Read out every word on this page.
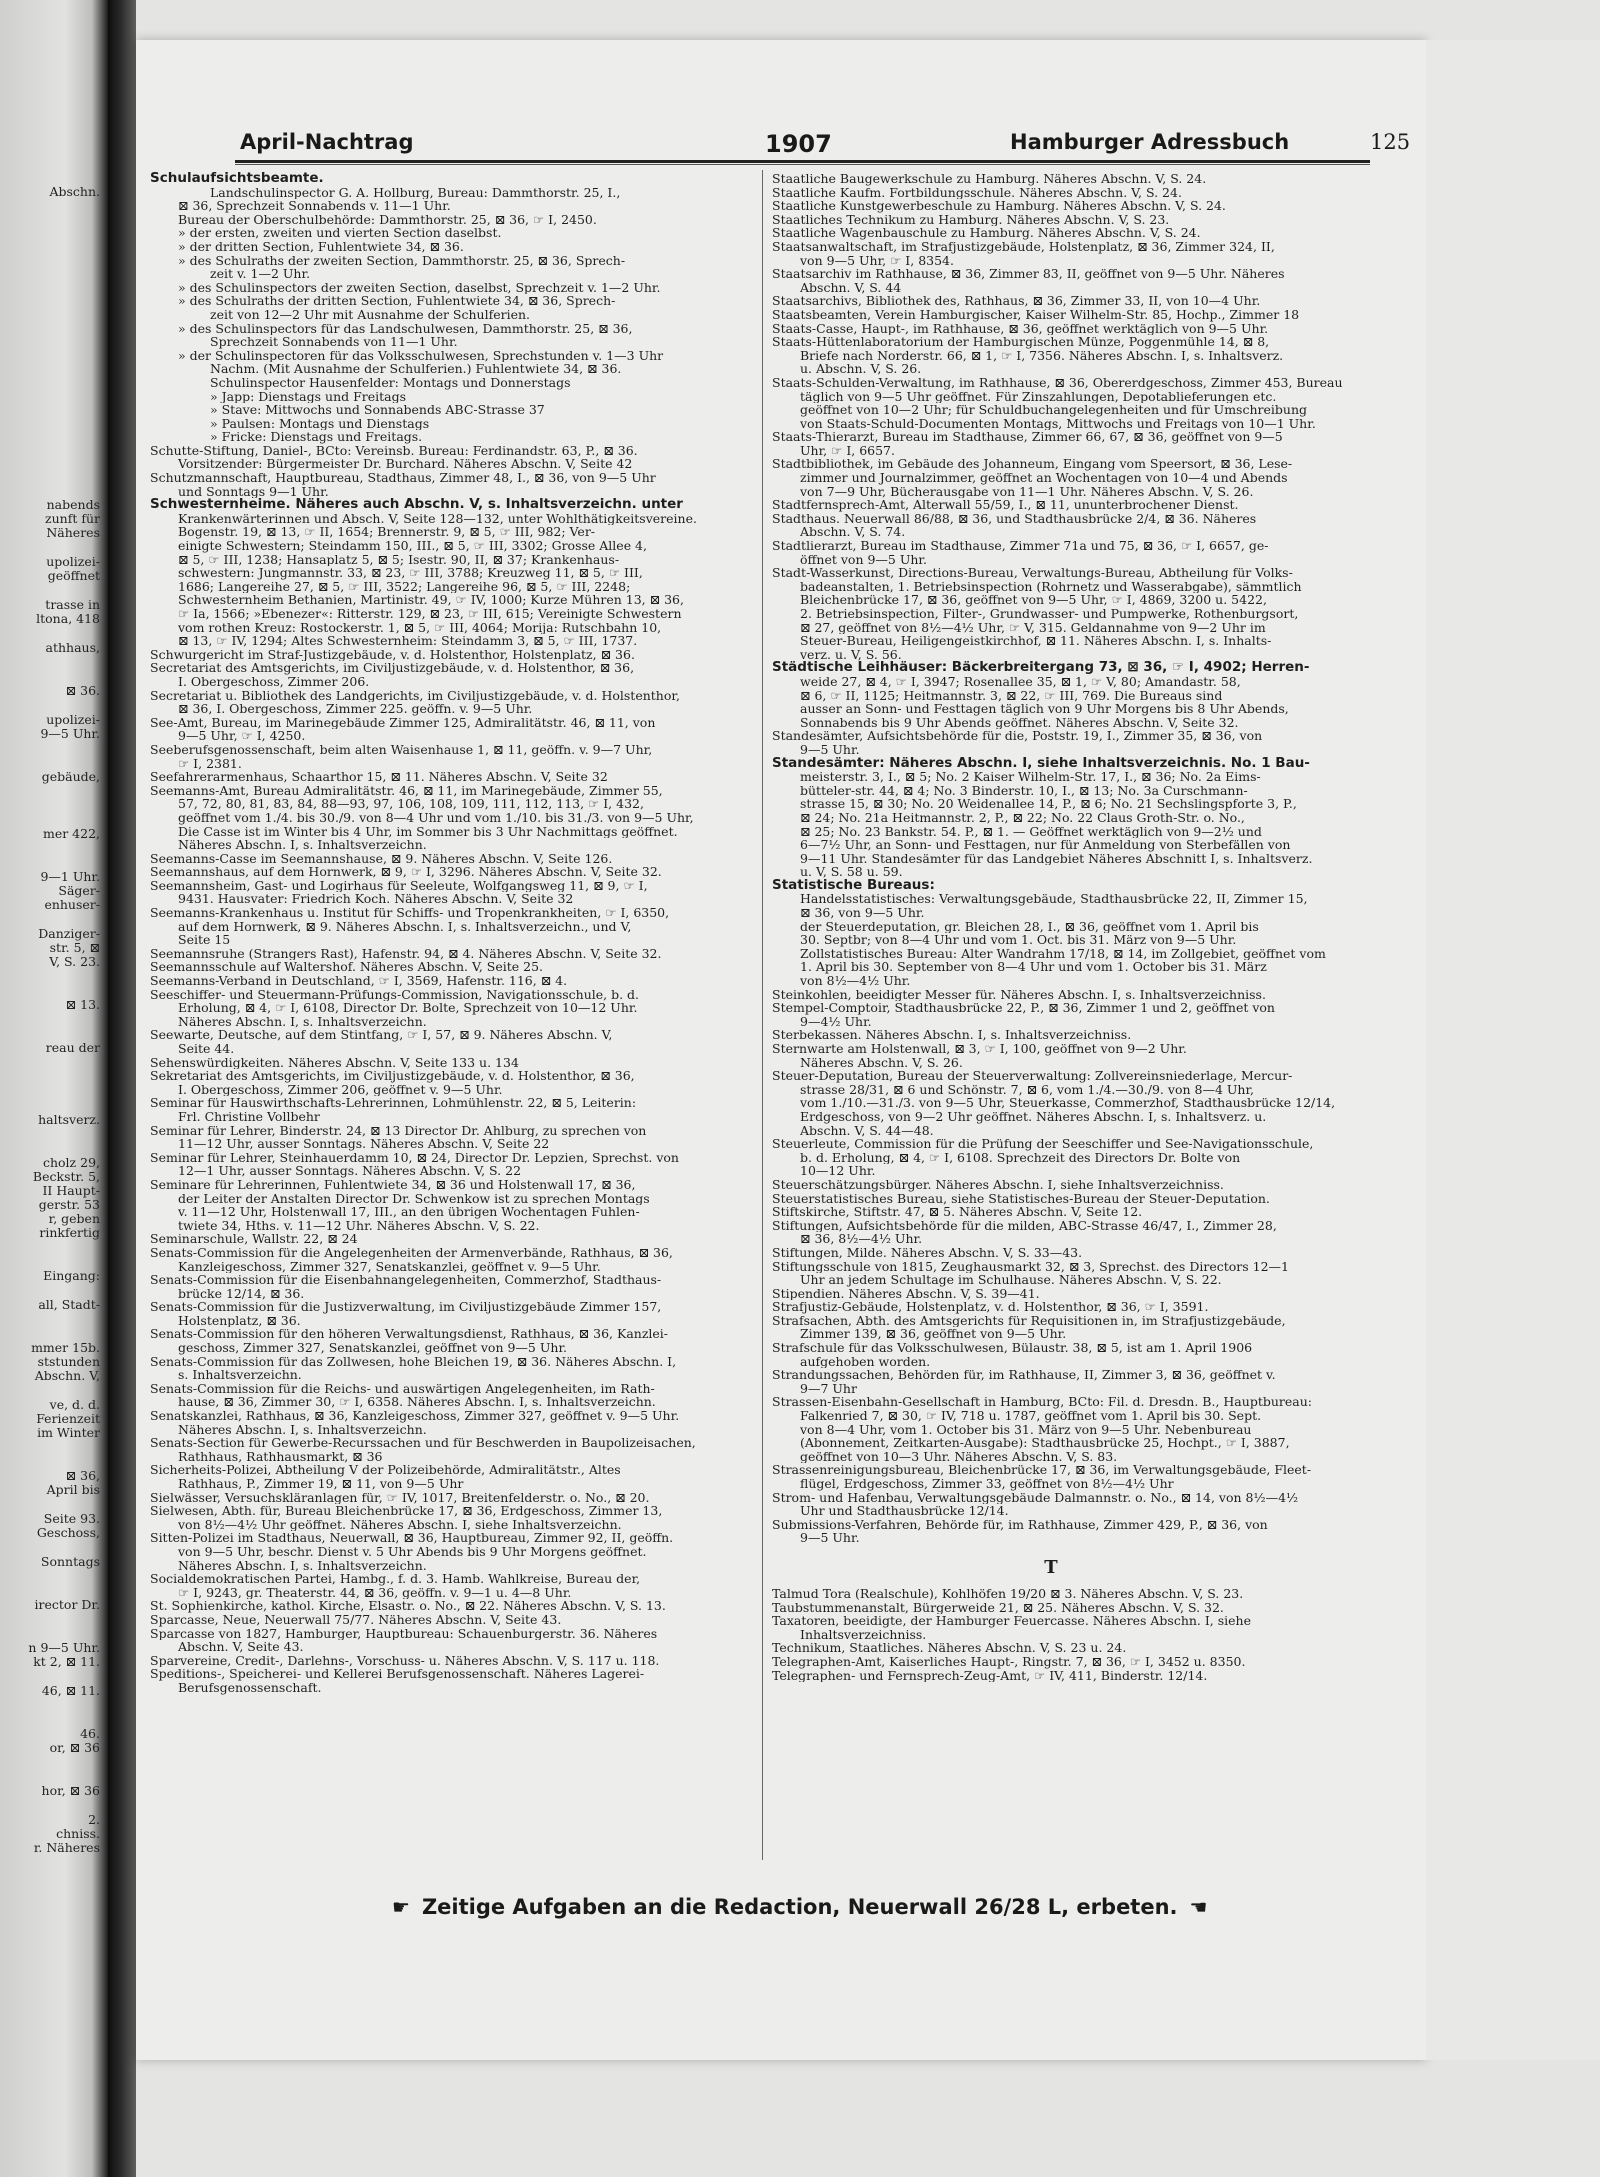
Abschn.
nabends
zunft für
Näheres
upolizei-
geöffnet
trasse in
ltona, 418
athhaus,
⊠ 36.
upolizei-
9—5 Uhr.
gebäude,
mer 422,
9—1 Uhr.
Säger-
enhuser-
Danziger-
str. 5, ⊠
V, S. 23.
⊠ 13.
reau der
haltsverz.
cholz 29,
Beckstr. 5,
II Haupt-
gerstr. 53
r, geben
rinkfertig
Eingang:
all, Stadt-
mmer 15b.
ststunden
Abschn. V,
ve, d. d.
Ferienzeit
im Winter
⊠ 36,
April bis
Seite 93.
Geschoss,
Sonntags
irector Dr.
n 9—5 Uhr.
kt 2, ⊠ 11.
46, ⊠ 11.
46.
or, ⊠ 36
hor, ⊠ 36
2.
chniss.
r. Näheres
April-Nachtrag	1907	Hamburger Adressbuch	125
Schulaufsichtsbeamte.
Landschulinspector G. A. Hollburg, Bureau: Dammthorstr. 25, I.,
⊠ 36, Sprechzeit Sonnabends v. 11—1 Uhr.
Bureau der Oberschulbehörde: Dammthorstr. 25, ⊠ 36, ☞ I, 2450.
» der ersten, zweiten und vierten Section daselbst.
» der dritten Section, Fuhlentwiete 34, ⊠ 36.
» des Schulraths der zweiten Section, Dammthorstr. 25, ⊠ 36, Sprech-
zeit v. 1—2 Uhr.
» des Schulinspectors der zweiten Section, daselbst, Sprechzeit v. 1—2 Uhr.
» des Schulraths der dritten Section, Fuhlentwiete 34, ⊠ 36, Sprech-
zeit von 12—2 Uhr mit Ausnahme der Schulferien.
» des Schulinspectors für das Landschulwesen, Dammthorstr. 25, ⊠ 36,
Sprechzeit Sonnabends von 11—1 Uhr.
» der Schulinspectoren für das Volksschulwesen, Sprechstunden v. 1—3 Uhr
Nachm. (Mit Ausnahme der Schulferien.) Fuhlentwiete 34, ⊠ 36.
Schulinspector Hausenfelder: Montags und Donnerstags
» Japp: Dienstags und Freitags
» Stave: Mittwochs und Sonnabends ABC-Strasse 37
» Paulsen: Montags und Dienstags
» Fricke: Dienstags und Freitags.
Schutte-Stiftung, Daniel-, BCto: Vereinsb. Bureau: Ferdinandstr. 63, P., ⊠ 36.
Vorsitzender: Bürgermeister Dr. Burchard. Näheres Abschn. V, Seite 42
Schutzmannschaft, Hauptbureau, Stadthaus, Zimmer 48, I., ⊠ 36, von 9—5 Uhr
und Sonntags 9—1 Uhr.
Schwesternheime. Näheres auch Abschn. V, s. Inhaltsverzeichn. unter
Krankenwärterinnen und Absch. V, Seite 128—132, unter Wohlthätigkeitsvereine.
Bogenstr. 19, ⊠ 13, ☞ II, 1654; Brennerstr. 9, ⊠ 5, ☞ III, 982; Ver-
einigte Schwestern; Steindamm 150, III., ⊠ 5, ☞ III, 3302; Grosse Allee 4,
⊠ 5, ☞ III, 1238; Hansaplatz 5, ⊠ 5; Isestr. 90, II, ⊠ 37; Krankenhaus-
schwestern: Jungmannstr. 33, ⊠ 23, ☞ III, 3788; Kreuzweg 11, ⊠ 5, ☞ III,
1686; Langereihe 27, ⊠ 5, ☞ III, 3522; Langereihe 96, ⊠ 5, ☞ III, 2248;
Schwesternheim Bethanien, Martinistr. 49, ☞ IV, 1000; Kurze Mühren 13, ⊠ 36,
☞ Ia, 1566; »Ebenezer«: Ritterstr. 129, ⊠ 23, ☞ III, 615; Vereinigte Schwestern
vom rothen Kreuz: Rostockerstr. 1, ⊠ 5, ☞ III, 4064; Morija: Rutschbahn 10,
⊠ 13, ☞ IV, 1294; Altes Schwesternheim: Steindamm 3, ⊠ 5, ☞ III, 1737.
Schwurgericht im Straf-Justizgebäude, v. d. Holstenthor, Holstenplatz, ⊠ 36.
Secretariat des Amtsgerichts, im Civiljustizgebäude, v. d. Holstenthor, ⊠ 36,
I. Obergeschoss, Zimmer 206.
Secretariat u. Bibliothek des Landgerichts, im Civiljustizgebäude, v. d. Holstenthor,
⊠ 36, I. Obergeschoss, Zimmer 225. geöffn. v. 9—5 Uhr.
See-Amt, Bureau, im Marinegebäude Zimmer 125, Admiralitätstr. 46, ⊠ 11, von
9—5 Uhr, ☞ I, 4250.
Seeberufsgenossenschaft, beim alten Waisenhause 1, ⊠ 11, geöffn. v. 9—7 Uhr,
☞ I, 2381.
Seefahrerarmenhaus, Schaarthor 15, ⊠ 11. Näheres Abschn. V, Seite 32
Seemanns-Amt, Bureau Admiralitätstr. 46, ⊠ 11, im Marinegebäude, Zimmer 55,
57, 72, 80, 81, 83, 84, 88—93, 97, 106, 108, 109, 111, 112, 113, ☞ I, 432,
geöffnet vom 1./4. bis 30./9. von 8—4 Uhr und vom 1./10. bis 31./3. von 9—5 Uhr,
Die Casse ist im Winter bis 4 Uhr, im Sommer bis 3 Uhr Nachmittags geöffnet.
Näheres Abschn. I, s. Inhaltsverzeichn.
Seemanns-Casse im Seemannshause, ⊠ 9. Näheres Abschn. V, Seite 126.
Seemannshaus, auf dem Hornwerk, ⊠ 9, ☞ I, 3296. Näheres Abschn. V, Seite 32.
Seemannsheim, Gast- und Logirhaus für Seeleute, Wolfgangsweg 11, ⊠ 9, ☞ I,
9431. Hausvater: Friedrich Koch. Näheres Abschn. V, Seite 32
Seemanns-Krankenhaus u. Institut für Schiffs- und Tropenkrankheiten, ☞ I, 6350,
auf dem Hornwerk, ⊠ 9. Näheres Abschn. I, s. Inhaltsverzeichn., und V,
Seite 15
Seemannsruhe (Strangers Rast), Hafenstr. 94, ⊠ 4. Näheres Abschn. V, Seite 32.
Seemannsschule auf Waltershof. Näheres Abschn. V, Seite 25.
Seemanns-Verband in Deutschland, ☞ I, 3569, Hafenstr. 116, ⊠ 4.
Seeschiffer- und Steuermann-Prüfungs-Commission, Navigationsschule, b. d.
Erholung, ⊠ 4, ☞ I, 6108, Director Dr. Bolte, Sprechzeit von 10—12 Uhr.
Näheres Abschn. I, s. Inhaltsverzeichn.
Seewarte, Deutsche, auf dem Stintfang, ☞ I, 57, ⊠ 9. Näheres Abschn. V,
Seite 44.
Sehenswürdigkeiten. Näheres Abschn. V, Seite 133 u. 134
Sekretariat des Amtsgerichts, im Civiljustizgebäude, v. d. Holstenthor, ⊠ 36,
I. Obergeschoss, Zimmer 206, geöffnet v. 9—5 Uhr.
Seminar für Hauswirthschafts-Lehrerinnen, Lohmühlenstr. 22, ⊠ 5, Leiterin:
Frl. Christine Vollbehr
Seminar für Lehrer, Binderstr. 24, ⊠ 13 Director Dr. Ahlburg, zu sprechen von
11—12 Uhr, ausser Sonntags. Näheres Abschn. V, Seite 22
Seminar für Lehrer, Steinhauerdamm 10, ⊠ 24, Director Dr. Lepzien, Sprechst. von
12—1 Uhr, ausser Sonntags. Näheres Abschn. V, S. 22
Seminare für Lehrerinnen, Fuhlentwiete 34, ⊠ 36 und Holstenwall 17, ⊠ 36,
der Leiter der Anstalten Director Dr. Schwenkow ist zu sprechen Montags
v. 11—12 Uhr, Holstenwall 17, III., an den übrigen Wochentagen Fuhlen-
twiete 34, Hths. v. 11—12 Uhr. Näheres Abschn. V, S. 22.
Seminarschule, Wallstr. 22, ⊠ 24
Senats-Commission für die Angelegenheiten der Armenverbände, Rathhaus, ⊠ 36,
Kanzleigeschoss, Zimmer 327, Senatskanzlei, geöffnet v. 9—5 Uhr.
Senats-Commission für die Eisenbahnangelegenheiten, Commerzhof, Stadthaus-
brücke 12/14, ⊠ 36.
Senats-Commission für die Justizverwaltung, im Civiljustizgebäude Zimmer 157,
Holstenplatz, ⊠ 36.
Senats-Commission für den höheren Verwaltungsdienst, Rathhaus, ⊠ 36, Kanzlei-
geschoss, Zimmer 327, Senatskanzlei, geöffnet von 9—5 Uhr.
Senats-Commission für das Zollwesen, hohe Bleichen 19, ⊠ 36. Näheres Abschn. I,
s. Inhaltsverzeichn.
Senats-Commission für die Reichs- und auswärtigen Angelegenheiten, im Rath-
hause, ⊠ 36, Zimmer 30, ☞ I, 6358. Näheres Abschn. I, s. Inhaltsverzeichn.
Senatskanzlei, Rathhaus, ⊠ 36, Kanzleigeschoss, Zimmer 327, geöffnet v. 9—5 Uhr.
Näheres Abschn. I, s. Inhaltsverzeichn.
Senats-Section für Gewerbe-Recurssachen und für Beschwerden in Baupolizeisachen,
Rathhaus, Rathhausmarkt, ⊠ 36
Sicherheits-Polizei, Abtheilung V der Polizeibehörde, Admiralitätstr., Altes
Rathhaus, P., Zimmer 19, ⊠ 11, von 9—5 Uhr
Sielwässer, Versuchskläranlagen für, ☞ IV, 1017, Breitenfelderstr. o. No., ⊠ 20.
Sielwesen, Abth. für, Bureau Bleichenbrücke 17, ⊠ 36, Erdgeschoss, Zimmer 13,
von 8½—4½ Uhr geöffnet. Näheres Abschn. I, siehe Inhaltsverzeichn.
Sitten-Polizei im Stadthaus, Neuerwall, ⊠ 36, Hauptbureau, Zimmer 92, II, geöffn.
von 9—5 Uhr, beschr. Dienst v. 5 Uhr Abends bis 9 Uhr Morgens geöffnet.
Näheres Abschn. I, s. Inhaltsverzeichn.
Socialdemokratischen Partei, Hambg., f. d. 3. Hamb. Wahlkreise, Bureau der,
☞ I, 9243, gr. Theaterstr. 44, ⊠ 36, geöffn. v. 9—1 u. 4—8 Uhr.
St. Sophienkirche, kathol. Kirche, Elsastr. o. No., ⊠ 22. Näheres Abschn. V, S. 13.
Sparcasse, Neue, Neuerwall 75/77. Näheres Abschn. V, Seite 43.
Sparcasse von 1827, Hamburger, Hauptbureau: Schauenburgerstr. 36. Näheres
Abschn. V, Seite 43.
Sparvereine, Credit-, Darlehns-, Vorschuss- u. Näheres Abschn. V, S. 117 u. 118.
Speditions-, Speicherei- und Kellerei Berufsgenossenschaft. Näheres Lagerei-
Berufsgenossenschaft.
Staatliche Baugewerkschule zu Hamburg. Näheres Abschn. V, S. 24.
Staatliche Kaufm. Fortbildungsschule. Näheres Abschn. V, S. 24.
Staatliche Kunstgewerbeschule zu Hamburg. Näheres Abschn. V, S. 24.
Staatliches Technikum zu Hamburg. Näheres Abschn. V, S. 23.
Staatliche Wagenbauschule zu Hamburg. Näheres Abschn. V, S. 24.
Staatsanwaltschaft, im Strafjustizgebäude, Holstenplatz, ⊠ 36, Zimmer 324, II,
von 9—5 Uhr, ☞ I, 8354.
Staatsarchiv im Rathhause, ⊠ 36, Zimmer 83, II, geöffnet von 9—5 Uhr. Näheres
Abschn. V, S. 44
Staatsarchivs, Bibliothek des, Rathhaus, ⊠ 36, Zimmer 33, II, von 10—4 Uhr.
Staatsbeamten, Verein Hamburgischer, Kaiser Wilhelm-Str. 85, Hochp., Zimmer 18
Staats-Casse, Haupt-, im Rathhause, ⊠ 36, geöffnet werktäglich von 9—5 Uhr.
Staats-Hüttenlaboratorium der Hamburgischen Münze, Poggenmühle 14, ⊠ 8,
Briefe nach Norderstr. 66, ⊠ 1, ☞ I, 7356. Näheres Abschn. I, s. Inhaltsverz.
u. Abschn. V, S. 26.
Staats-Schulden-Verwaltung, im Rathhause, ⊠ 36, Obererdgeschoss, Zimmer 453, Bureau
täglich von 9—5 Uhr geöffnet. Für Zinszahlungen, Depotablieferungen etc.
geöffnet von 10—2 Uhr; für Schuldbuchangelegenheiten und für Umschreibung
von Staats-Schuld-Documenten Montags, Mittwochs und Freitags von 10—1 Uhr.
Staats-Thierarzt, Bureau im Stadthause, Zimmer 66, 67, ⊠ 36, geöffnet von 9—5
Uhr, ☞ I, 6657.
Stadtbibliothek, im Gebäude des Johanneum, Eingang vom Speersort, ⊠ 36, Lese-
zimmer und Journalzimmer, geöffnet an Wochentagen von 10—4 und Abends
von 7—9 Uhr, Bücherausgabe von 11—1 Uhr. Näheres Abschn. V, S. 26.
Stadtfernsprech-Amt, Alterwall 55/59, I., ⊠ 11, ununterbrochener Dienst.
Stadthaus. Neuerwall 86/88, ⊠ 36, und Stadthausbrücke 2/4, ⊠ 36. Näheres
Abschn. V, S. 74.
Stadtlierarzt, Bureau im Stadthause, Zimmer 71a und 75, ⊠ 36, ☞ I, 6657, ge-
öffnet von 9—5 Uhr.
Stadt-Wasserkunst, Directions-Bureau, Verwaltungs-Bureau, Abtheilung für Volks-
badeanstalten, 1. Betriebsinspection (Rohrnetz und Wasserabgabe), sämmtlich
Bleichenbrücke 17, ⊠ 36, geöffnet von 9—5 Uhr, ☞ I, 4869, 3200 u. 5422,
2. Betriebsinspection, Filter-, Grundwasser- und Pumpwerke, Rothenburgsort,
⊠ 27, geöffnet von 8½—4½ Uhr, ☞ V, 315. Geldannahme von 9—2 Uhr im
Steuer-Bureau, Heiligengeistkirchhof, ⊠ 11. Näheres Abschn. I, s. Inhalts-
verz. u. V, S. 56.
Städtische Leihhäuser: Bäckerbreitergang 73, ⊠ 36, ☞ I, 4902; Herren-
weide 27, ⊠ 4, ☞ I, 3947; Rosenallee 35, ⊠ 1, ☞ V, 80; Amandastr. 58,
⊠ 6, ☞ II, 1125; Heitmannstr. 3, ⊠ 22, ☞ III, 769. Die Bureaus sind
ausser an Sonn- und Festtagen täglich von 9 Uhr Morgens bis 8 Uhr Abends,
Sonnabends bis 9 Uhr Abends geöffnet. Näheres Abschn. V, Seite 32.
Standesämter, Aufsichtsbehörde für die, Poststr. 19, I., Zimmer 35, ⊠ 36, von
9—5 Uhr.
Standesämter: Näheres Abschn. I, siehe Inhaltsverzeichnis. No. 1 Bau-
meisterstr. 3, I., ⊠ 5; No. 2 Kaiser Wilhelm-Str. 17, I., ⊠ 36; No. 2a Eims-
bütteler-str. 44, ⊠ 4; No. 3 Binderstr. 10, I., ⊠ 13; No. 3a Curschmann-
strasse 15, ⊠ 30; No. 20 Weidenallee 14, P., ⊠ 6; No. 21 Sechslingspforte 3, P.,
⊠ 24; No. 21a Heitmannstr. 2, P., ⊠ 22; No. 22 Claus Groth-Str. o. No.,
⊠ 25; No. 23 Bankstr. 54. P., ⊠ 1. — Geöffnet werktäglich von 9—2½ und
6—7½ Uhr, an Sonn- und Festtagen, nur für Anmeldung von Sterbefällen von
9—11 Uhr. Standesämter für das Landgebiet Näheres Abschnitt I, s. Inhaltsverz.
u. V, S. 58 u. 59.
Statistische Bureaus:
Handelsstatistisches: Verwaltungsgebäude, Stadthausbrücke 22, II, Zimmer 15,
⊠ 36, von 9—5 Uhr.
der Steuerdeputation, gr. Bleichen 28, I., ⊠ 36, geöffnet vom 1. April bis
30. Septbr; von 8—4 Uhr und vom 1. Oct. bis 31. März von 9—5 Uhr.
Zollstatistisches Bureau: Alter Wandrahm 17/18, ⊠ 14, im Zollgebiet, geöffnet vom
1. April bis 30. September von 8—4 Uhr und vom 1. October bis 31. März
von 8½—4½ Uhr.
Steinkohlen, beeidigter Messer für. Näheres Abschn. I, s. Inhaltsverzeichniss.
Stempel-Comptoir, Stadthausbrücke 22, P., ⊠ 36, Zimmer 1 und 2, geöffnet von
9—4½ Uhr.
Sterbekassen. Näheres Abschn. I, s. Inhaltsverzeichniss.
Sternwarte am Holstenwall, ⊠ 3, ☞ I, 100, geöffnet von 9—2 Uhr.
Näheres Abschn. V, S. 26.
Steuer-Deputation, Bureau der Steuerverwaltung: Zollvereinsniederlage, Mercur-
strasse 28/31, ⊠ 6 und Schönstr. 7, ⊠ 6, vom 1./4.—30./9. von 8—4 Uhr,
vom 1./10.—31./3. von 9—5 Uhr, Steuerkasse, Commerzhof, Stadthausbrücke 12/14,
Erdgeschoss, von 9—2 Uhr geöffnet. Näheres Abschn. I, s. Inhaltsverz. u.
Abschn. V, S. 44—48.
Steuerleute, Commission für die Prüfung der Seeschiffer und See-Navigationsschule,
b. d. Erholung, ⊠ 4, ☞ I, 6108. Sprechzeit des Directors Dr. Bolte von
10—12 Uhr.
Steuerschätzungsbürger. Näheres Abschn. I, siehe Inhaltsverzeichniss.
Steuerstatistisches Bureau, siehe Statistisches-Bureau der Steuer-Deputation.
Stiftskirche, Stiftstr. 47, ⊠ 5. Näheres Abschn. V, Seite 12.
Stiftungen, Aufsichtsbehörde für die milden, ABC-Strasse 46/47, I., Zimmer 28,
⊠ 36, 8½—4½ Uhr.
Stiftungen, Milde. Näheres Abschn. V, S. 33—43.
Stiftungsschule von 1815, Zeughausmarkt 32, ⊠ 3, Sprechst. des Directors 12—1
Uhr an jedem Schultage im Schulhause. Näheres Abschn. V, S. 22.
Stipendien. Näheres Abschn. V, S. 39—41.
Strafjustiz-Gebäude, Holstenplatz, v. d. Holstenthor, ⊠ 36, ☞ I, 3591.
Strafsachen, Abth. des Amtsgerichts für Requisitionen in, im Strafjustizgebäude,
Zimmer 139, ⊠ 36, geöffnet von 9—5 Uhr.
Strafschule für das Volksschulwesen, Bülaustr. 38, ⊠ 5, ist am 1. April 1906
aufgehoben worden.
Strandungssachen, Behörden für, im Rathhause, II, Zimmer 3, ⊠ 36, geöffnet v.
9—7 Uhr
Strassen-Eisenbahn-Gesellschaft in Hamburg, BCto: Fil. d. Dresdn. B., Hauptbureau:
Falkenried 7, ⊠ 30, ☞ IV, 718 u. 1787, geöffnet vom 1. April bis 30. Sept.
von 8—4 Uhr, vom 1. October bis 31. März von 9—5 Uhr. Nebenbureau
(Abonnement, Zeitkarten-Ausgabe): Stadthausbrücke 25, Hochpt., ☞ I, 3887,
geöffnet von 10—3 Uhr. Näheres Abschn. V, S. 83.
Strassenreinigungsbureau, Bleichenbrücke 17, ⊠ 36, im Verwaltungsgebäude, Fleet-
flügel, Erdgeschoss, Zimmer 33, geöffnet von 8½—4½ Uhr
Strom- und Hafenbau, Verwaltungsgebäude Dalmannstr. o. No., ⊠ 14, von 8½—4½
Uhr und Stadthausbrücke 12/14.
Submissions-Verfahren, Behörde für, im Rathhause, Zimmer 429, P., ⊠ 36, von
9—5 Uhr.
T
Talmud Tora (Realschule), Kohlhöfen 19/20 ⊠ 3. Näheres Abschn. V, S. 23.
Taubstummenanstalt, Bürgerweide 21, ⊠ 25. Näheres Abschn. V, S. 32.
Taxatoren, beeidigte, der Hamburger Feuercasse. Näheres Abschn. I, siehe
Inhaltsverzeichniss.
Technikum, Staatliches. Näheres Abschn. V, S. 23 u. 24.
Telegraphen-Amt, Kaiserliches Haupt-, Ringstr. 7, ⊠ 36, ☞ I, 3452 u. 8350.
Telegraphen- und Fernsprech-Zeug-Amt, ☞ IV, 411, Binderstr. 12/14.
☛ Zeitige Aufgaben an die Redaction, Neuerwall 26/28 L, erbeten. ☚
